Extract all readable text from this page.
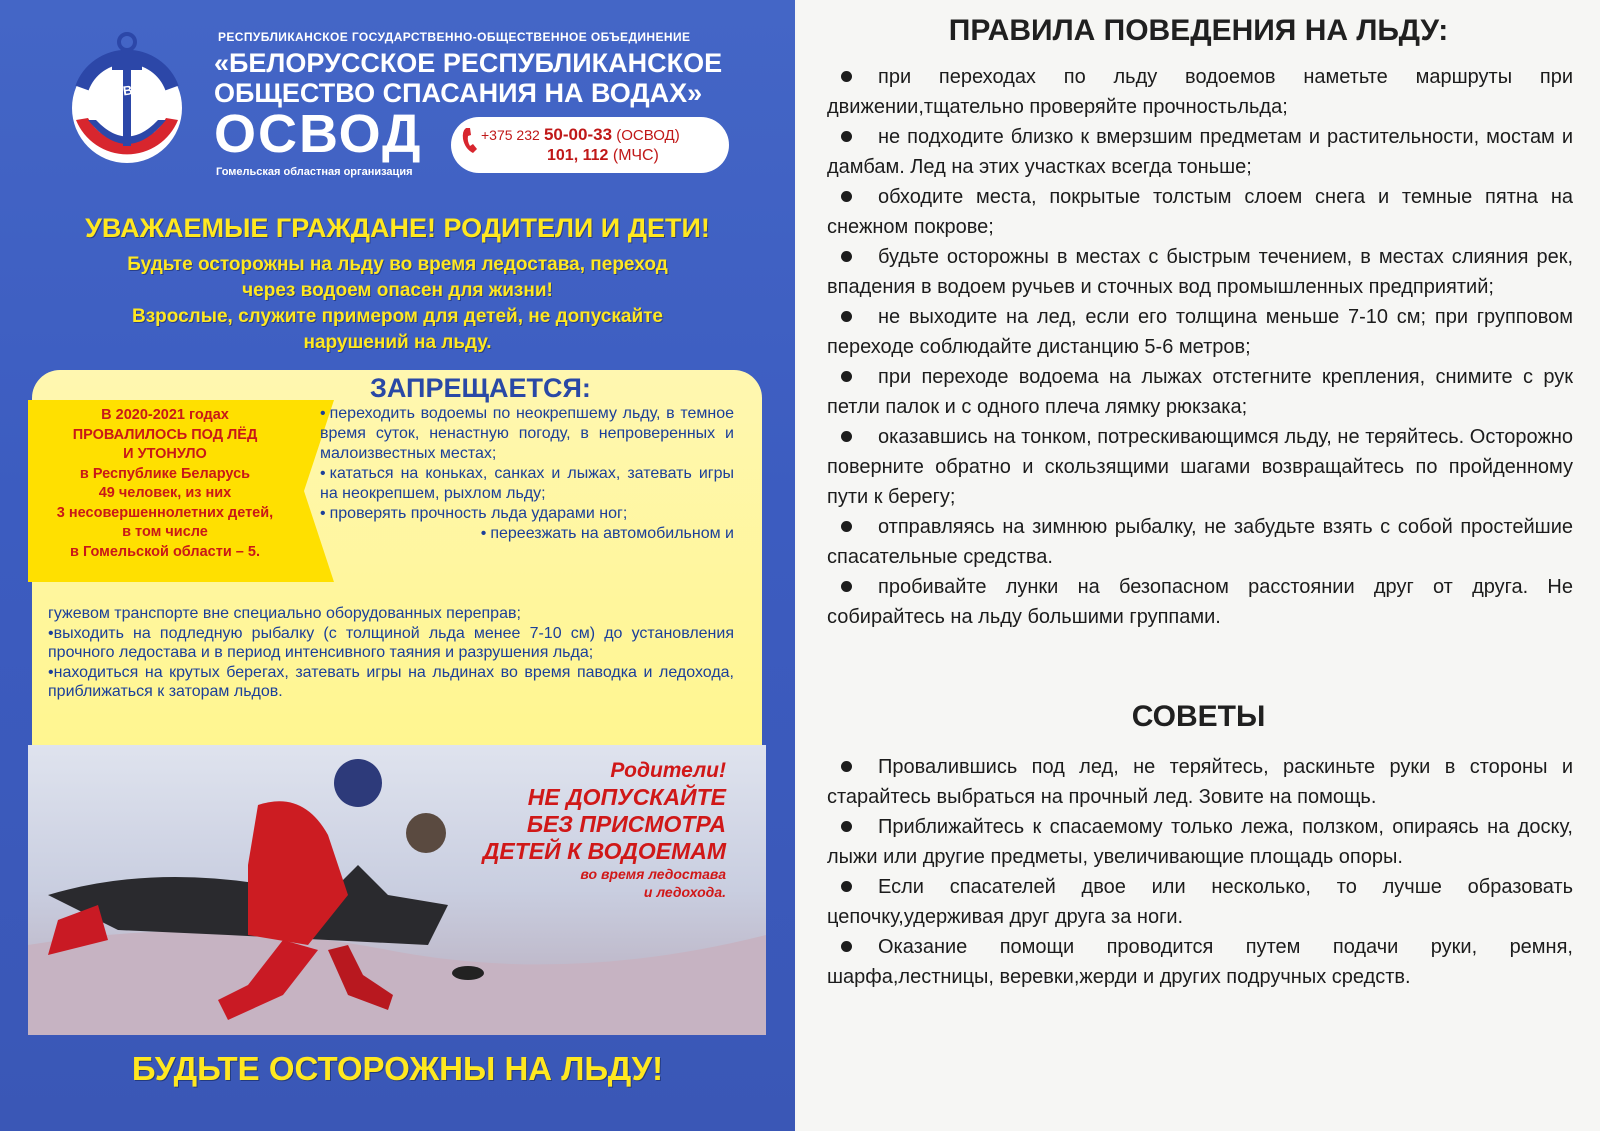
ОСВОД
РЕСПУБЛИКАНСКОЕ ГОСУДАРСТВЕННО-ОБЩЕСТВЕННОЕ ОБЪЕДИНЕНИЕ
«БЕЛОРУССКОЕ РЕСПУБЛИКАНСКОЕ
ОБЩЕСТВО СПАСАНИЯ НА ВОДАХ»
ОСВОД	+375 232 50-00-33 (ОСВОД)
101, 112 (МЧС)
Гомельская областная организация
УВАЖАЕМЫЕ ГРАЖДАНЕ! РОДИТЕЛИ И ДЕТИ!
Будьте осторожны на льду во время ледостава, переход
через водоем опасен для жизни!
Взрослые, служите примером для детей, не допускайте
нарушений на льду.
ЗАПРЕЩАЕТСЯ:
В 2020-2021 годах
ПРОВАЛИЛОСЬ ПОД ЛЁД
И УТОНУЛО
в Республике Беларусь
49 человек, из них
3 несовершеннолетних детей,
в том числе
в Гомельской области – 5.

• переходить водоемы по неокрепшему льду, в темное время суток, ненастную погоду, в непроверенных и малоизвестных местах;

• кататься на коньках, санках и лыжах, затевать игры на неокрепшем, рыхлом льду;

• проверять прочность льда ударами ног;

• переезжать на автомобильном и

гужевом транспорте вне специально оборудованных переправ;

•выходить на подледную рыбалку (с толщиной льда менее 7-10 см) до установления прочного ледостава и в период интенсивного таяния и разрушения льда;

•находиться на крутых берегах, затевать игры на льдинах во время паводка и ледохода, приближаться к заторам льдов.

Родители!
НЕ ДОПУСКАЙТЕ
БЕЗ ПРИСМОТРА
ДЕТЕЙ К ВОДОЕМАМ
во время ледостава
и ледохода.
БУДЬТЕ ОСТОРОЖНЫ НА ЛЬДУ!
ПРАВИЛА ПОВЕДЕНИЯ НА ЛЬДУ:

при переходах по льду водоемов наметьте маршруты при движении,тщательно проверяйте прочностьльда;

не подходите близко к вмерзшим предметам и растительности, мостам и дамбам. Лед на этих участках всегда тоньше;

обходите места, покрытые толстым слоем снега и темные пятна на снежном покрове;

будьте осторожны в местах с быстрым течением, в местах слияния рек, впадения в водоем ручьев и сточных вод промышленных предприятий;

не выходите на лед, если его толщина меньше 7-10 см; при групповом переходе соблюдайте дистанцию 5-6 метров;

при переходе водоема на лыжах отстегните крепления, снимите с рук петли палок и с одного плеча лямку рюкзака;

оказавшись на тонком, потрескивающимся льду, не теряйтесь. Осторожно поверните обратно и скользящими шагами возвращайтесь по пройденному пути к берегу;

отправляясь на зимнюю рыбалку, не забудьте взять с собой простейшие спасательные средства.

пробивайте лунки на безопасном расстоянии друг от друга. Не собирайтесь на льду большими группами.

СОВЕТЫ

Провалившись под лед, не теряйтесь, раскиньте руки в стороны и старайтесь выбраться на прочный лед. Зовите на помощь.

Приближайтесь к спасаемому только лежа, ползком, опираясь на доску, лыжи или другие предметы, увеличивающие площадь опоры.

Если спасателей двое или несколько, то лучше образовать цепочку,удерживая друг друга за ноги.

Оказание помощи проводится путем подачи руки, ремня, шарфа,лестницы, веревки,жерди и других подручных средств.
